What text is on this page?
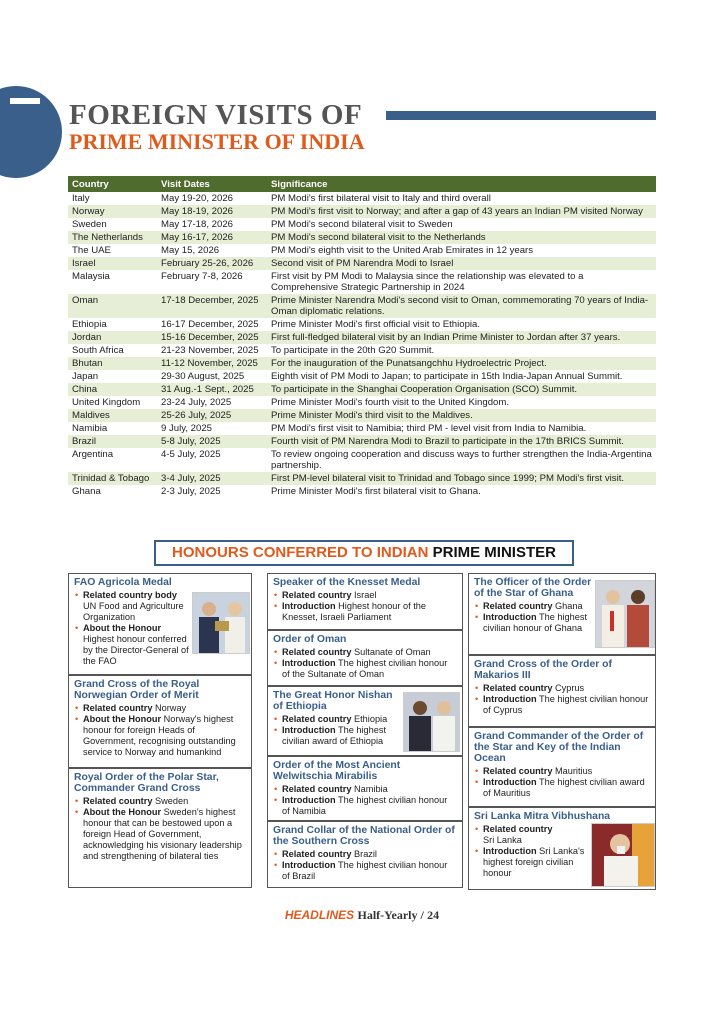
FOREIGN VISITS OF
PRIME MINISTER OF INDIA
Country	Visit Dates	Significance
Italy	May 19-20, 2026	PM Modi's first bilateral visit to Italy and third overall
Norway	May 18-19, 2026	PM Modi's first visit to Norway; and after a gap of 43 years an Indian PM visited Norway
Sweden	May 17-18, 2026	PM Modi's second bilateral visit to Sweden
The Netherlands	May 16-17, 2026	PM Modi's second bilateral visit to the Netherlands
The UAE	May 15, 2026	PM Modi's eighth visit to the United Arab Emirates in 12 years
Israel	February 25-26, 2026	Second visit of PM Narendra Modi to Israel
Malaysia	February 7-8, 2026	First visit by PM Modi to Malaysia since the relationship was elevated to a Comprehensive Strategic Partnership in 2024
Oman	17-18 December, 2025	Prime Minister Narendra Modi's second visit to Oman, commemorating 70 years of India-Oman diplomatic relations.
Ethiopia	16-17 December, 2025	Prime Minister Modi's first official visit to Ethiopia.
Jordan	15-16 December, 2025	First full-fledged bilateral visit by an Indian Prime Minister to Jordan after 37 years.
South Africa	21-23 November, 2025	To participate in the 20th G20 Summit.
Bhutan	11-12 November, 2025	For the inauguration of the Punatsangchhu Hydroelectric Project.
Japan	29-30 August, 2025	Eighth visit of PM Modi to Japan; to participate in 15th India-Japan Annual Summit.
China	31 Aug.-1 Sept., 2025	To participate in the Shanghai Cooperation Organisation (SCO) Summit.
United Kingdom	23-24 July, 2025	Prime Minister Modi's fourth visit to the United Kingdom.
Maldives	25-26 July, 2025	Prime Minister Modi's third visit to the Maldives.
Namibia	9 July, 2025	PM Modi's first visit to Namibia; third PM - level visit from India to Namibia.
Brazil	5-8 July, 2025	Fourth visit of PM Narendra Modi to Brazil to participate in the 17th BRICS Summit.
Argentina	4-5 July, 2025	To review ongoing cooperation and discuss ways to further strengthen the India-Argentina partnership.
Trinidad & Tobago	3-4 July, 2025	First PM-level bilateral visit to Trinidad and Tobago since 1999; PM Modi's first visit.
Ghana	2-3 July, 2025	Prime Minister Modi's first bilateral visit to Ghana.
HONOURS CONFERRED TO INDIAN PRIME MINISTER
FAO Agricola Medal
• Related country body
UN Food and Agriculture Organization
• About the Honour
Highest honour conferred by the Director-General of the FAO
Grand Cross of the Royal Norwegian Order of Merit
• Related country Norway
• About the Honour Norway's highest honour for foreign Heads of Government, recognising outstanding service to Norway and humankind
Royal Order of the Polar Star, Commander Grand Cross
• Related country Sweden
• About the Honour Sweden's highest honour that can be bestowed upon a foreign Head of Government, acknowledging his visionary leadership and strengthening of bilateral ties
Speaker of the Knesset Medal
• Related country Israel
• Introduction Highest honour of the Knesset, Israeli Parliament
Order of Oman
• Related country Sultanate of Oman
• Introduction The highest civilian honour of the Sultanate of Oman
The Great Honor Nishan of Ethiopia
• Related country Ethiopia
• Introduction The highest civilian award of Ethiopia
Order of the Most Ancient Welwitschia Mirabilis
• Related country Namibia
• Introduction The highest civilian honour of Namibia
Grand Collar of the National Order of the Southern Cross
• Related country Brazil
• Introduction The highest civilian honour of Brazil
The Officer of the Order of the Star of Ghana
• Related country Ghana
• Introduction The highest civilian honour of Ghana
Grand Cross of the Order of Makarios III
• Related country Cyprus
• Introduction The highest civilian honour of Cyprus
Grand Commander of the Order of the Star and Key of the Indian Ocean
• Related country Mauritius
• Introduction The highest civilian award of Mauritius
Sri Lanka Mitra Vibhushana
• Related country
Sri Lanka
• Introduction Sri Lanka's highest foreign civilian honour
HEADLINES Half-Yearly / 24
